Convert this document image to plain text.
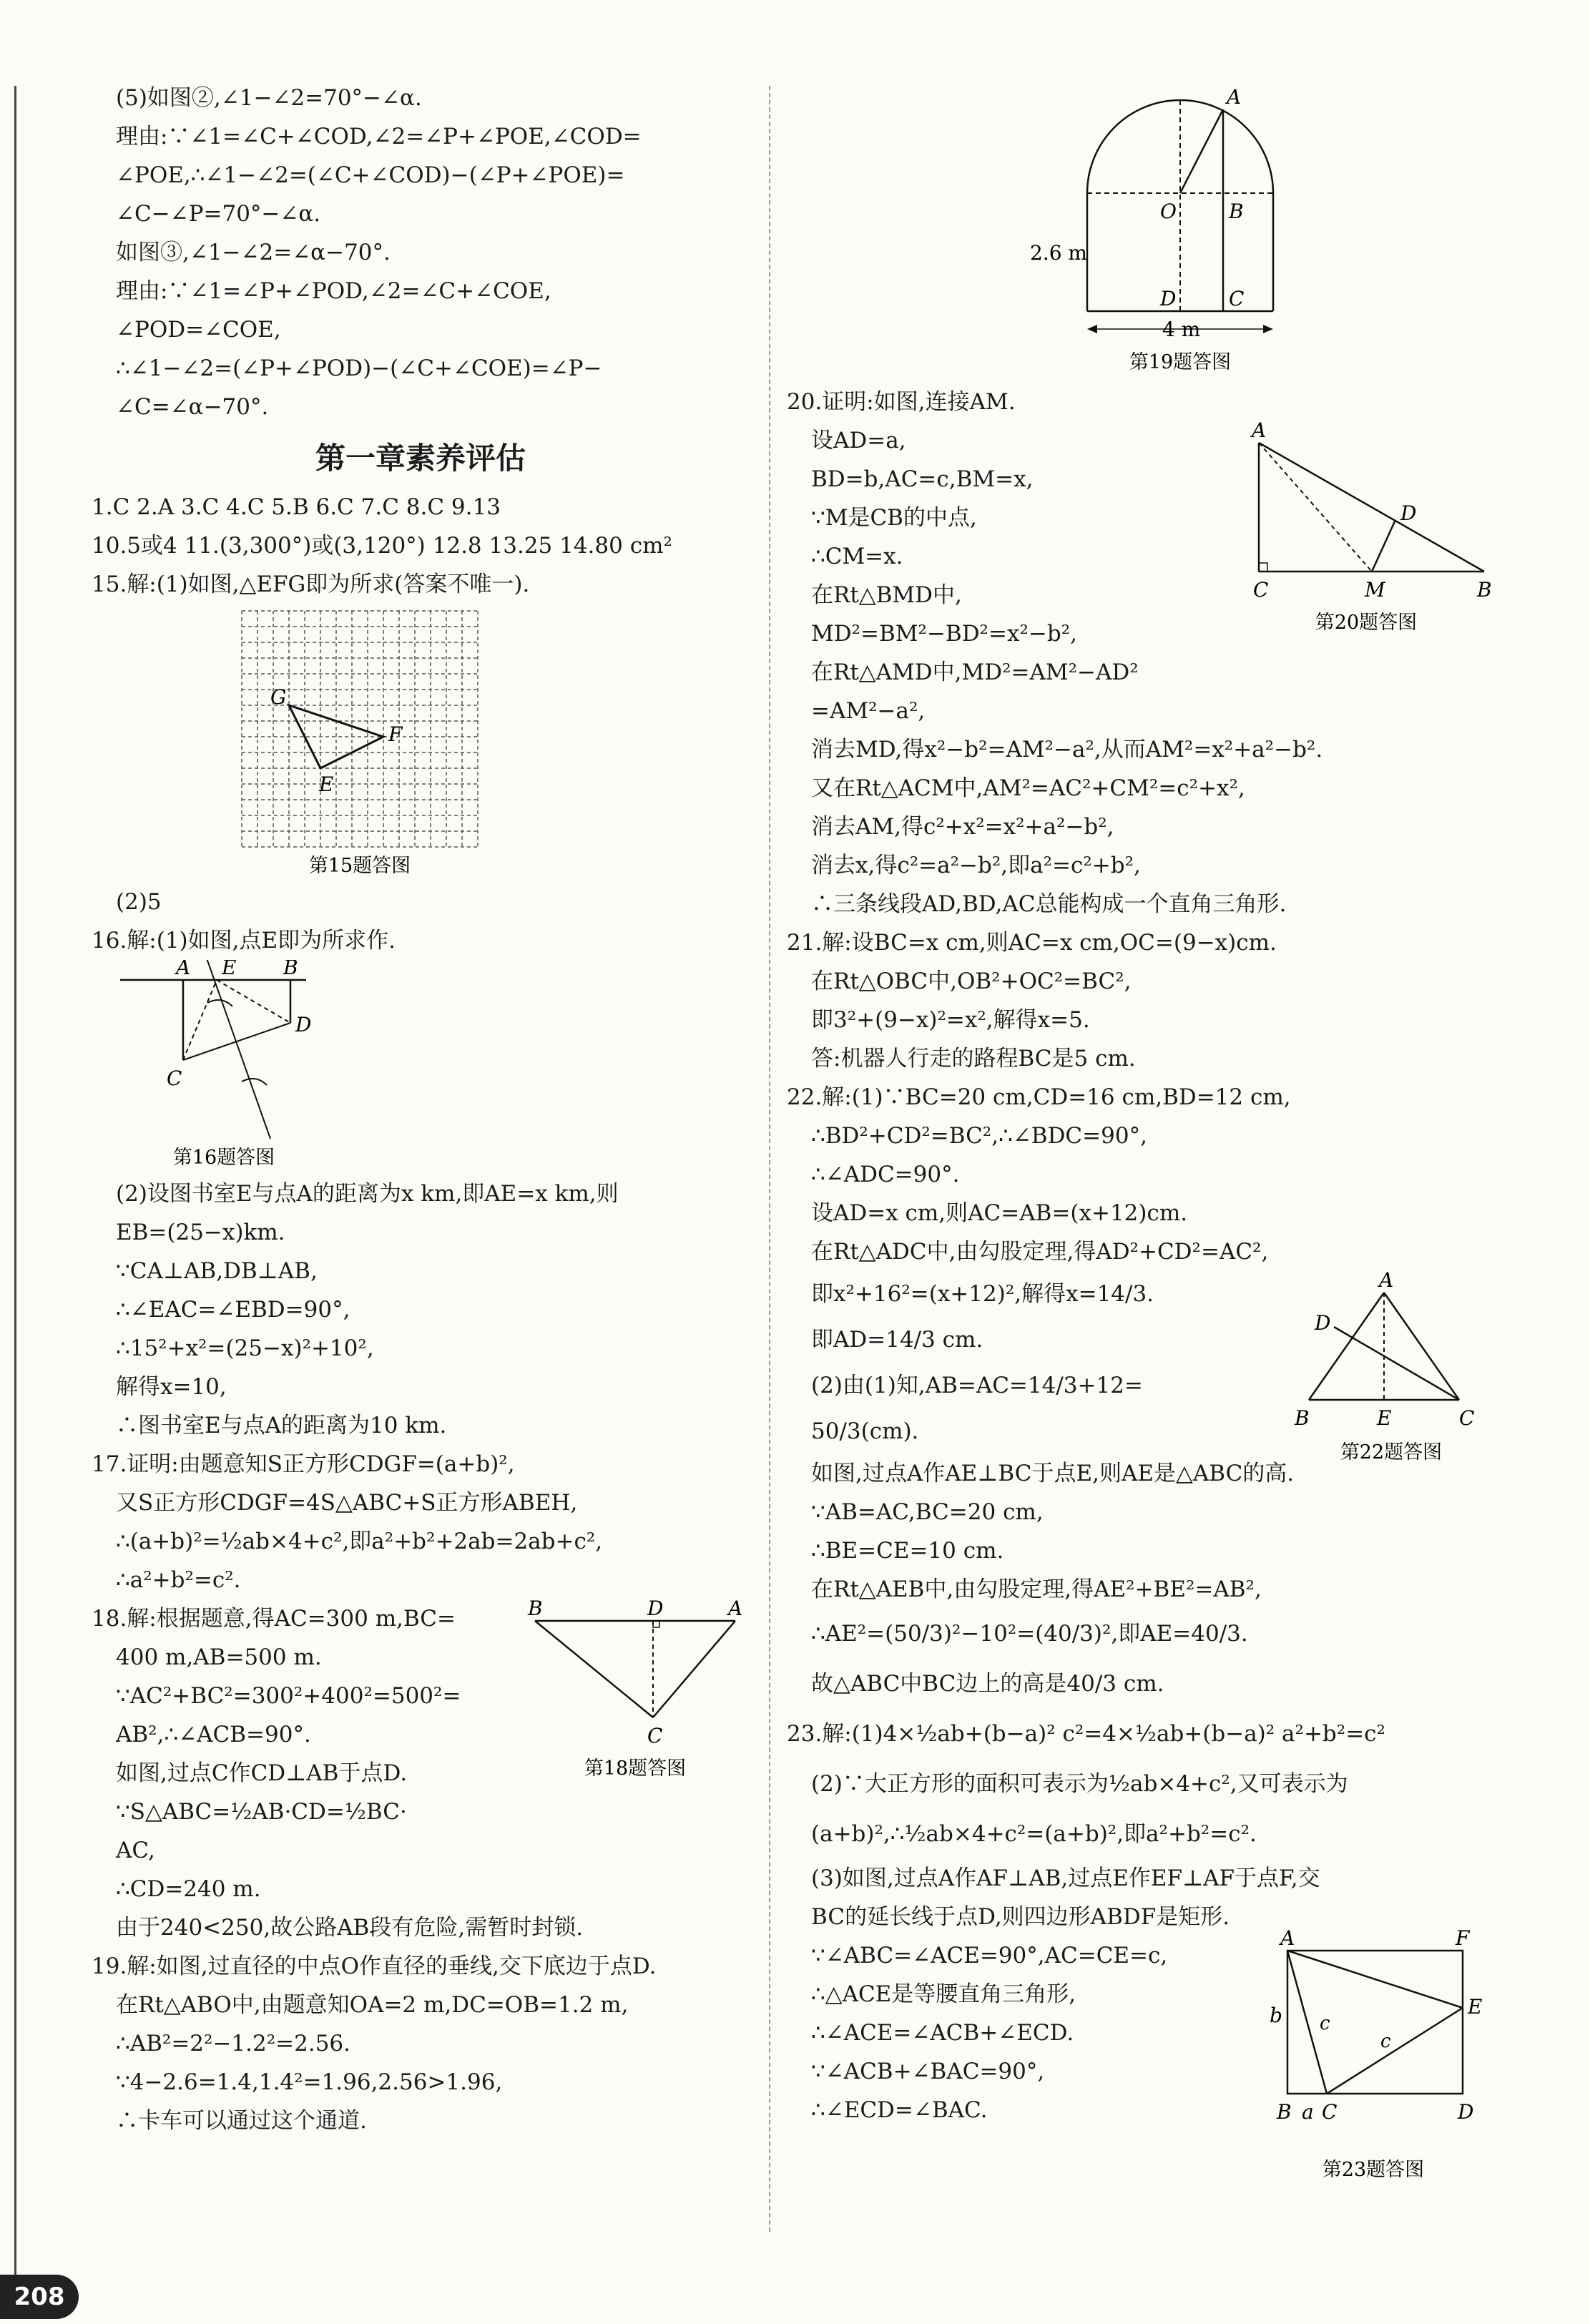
(5)如图②,∠1−∠2=70°−∠α.
理由:∵∠1=∠C+∠COD,∠2=∠P+∠POE,∠COD=
∠POE,∴∠1−∠2=(∠C+∠COD)−(∠P+∠POE)=
∠C−∠P=70°−∠α.
如图③,∠1−∠2=∠α−70°.
理由:∵∠1=∠P+∠POD,∠2=∠C+∠COE,
∠POD=∠COE,
∴∠1−∠2=(∠P+∠POD)−(∠C+∠COE)=∠P−
∠C=∠α−70°.
第一章素养评估
1.C 2.A 3.C 4.C 5.B 6.C 7.C 8.C 9.13
10.5或4 11.(3,300°)或(3,120°) 12.8 13.25 14.80 cm²
15.解:(1)如图,△EFG即为所求(答案不唯一).
G
F
E
第15题答图
(2)5
16.解:(1)如图,点E即为所求作.
A E B
D
C
第16题答图
(2)设图书室E与点A的距离为x km,即AE=x km,则
EB=(25−x)km.
∵CA⊥AB,DB⊥AB,
∴∠EAC=∠EBD=90°,
∴15²+x²=(25−x)²+10²,
解得x=10,
∴图书室E与点A的距离为10 km.
17.证明:由题意知S正方形CDGF=(a+b)²,
又S正方形CDGF=4S△ABC+S正方形ABEH,
∴(a+b)²=½ab×4+c²,即a²+b²+2ab=2ab+c²,
∴a²+b²=c².
18.解:根据题意,得AC=300 m,BC=
400 m,AB=500 m.
∵AC²+BC²=300²+400²=500²=
AB²,∴∠ACB=90°.
如图,过点C作CD⊥AB于点D.
∵S△ABC=½AB·CD=½BC·
AC,
∴CD=240 m.
B	D	A
C
第18题答图
由于240<250,故公路AB段有危险,需暂时封锁.
19.解:如图,过直径的中点O作直径的垂线,交下底边于点D.
在Rt△ABO中,由题意知OA=2 m,DC=OB=1.2 m,
∴AB²=2²−1.2²=2.56.
∵4−2.6=1.4,1.4²=1.96,2.56>1.96,
∴卡车可以通过这个通道.
A
O	B
D	C
2.6 m
4 m
第19题答图
20.证明:如图,连接AM.
设AD=a,
BD=b,AC=c,BM=x,
∵M是CB的中点,
∴CM=x.
在Rt△BMD中,
MD²=BM²−BD²=x²−b²,
在Rt△AMD中,MD²=AM²−AD²
=AM²−a²,
A
D
C	M	B
第20题答图
消去MD,得x²−b²=AM²−a²,从而AM²=x²+a²−b².
又在Rt△ACM中,AM²=AC²+CM²=c²+x²,
消去AM,得c²+x²=x²+a²−b²,
消去x,得c²=a²−b²,即a²=c²+b²,
∴三条线段AD,BD,AC总能构成一个直角三角形.
21.解:设BC=x cm,则AC=x cm,OC=(9−x)cm.
在Rt△OBC中,OB²+OC²=BC²,
即3²+(9−x)²=x²,解得x=5.
答:机器人行走的路程BC是5 cm.
22.解:(1)∵BC=20 cm,CD=16 cm,BD=12 cm,
∴BD²+CD²=BC²,∴∠BDC=90°,
∴∠ADC=90°.
设AD=x cm,则AC=AB=(x+12)cm.
在Rt△ADC中,由勾股定理,得AD²+CD²=AC²,
即x²+16²=(x+12)²,解得x=14/3.
即AD=14/3 cm.
(2)由(1)知,AB=AC=14/3+12=
50/3(cm).
A
D
B	E	C
第22题答图
如图,过点A作AE⊥BC于点E,则AE是△ABC的高.
∵AB=AC,BC=20 cm,
∴BE=CE=10 cm.
在Rt△AEB中,由勾股定理,得AE²+BE²=AB²,
∴AE²=(50/3)²−10²=(40/3)²,即AE=40/3.
故△ABC中BC边上的高是40/3 cm.
23.解:(1)4×½ab+(b−a)² c²=4×½ab+(b−a)² a²+b²=c²
(2)∵大正方形的面积可表示为½ab×4+c²,又可表示为
(a+b)²,∴½ab×4+c²=(a+b)²,即a²+b²=c².
(3)如图,过点A作AF⊥AB,过点E作EF⊥AF于点F,交
BC的延长线于点D,则四边形ABDF是矩形.
∵∠ABC=∠ACE=90°,AC=CE=c,
∴△ACE是等腰直角三角形,
∴∠ACE=∠ACB+∠ECD.
∵∠ACB+∠BAC=90°,
∴∠ECD=∠BAC.
A	F
b c
c
E
B a C	D
第23题答图
208
